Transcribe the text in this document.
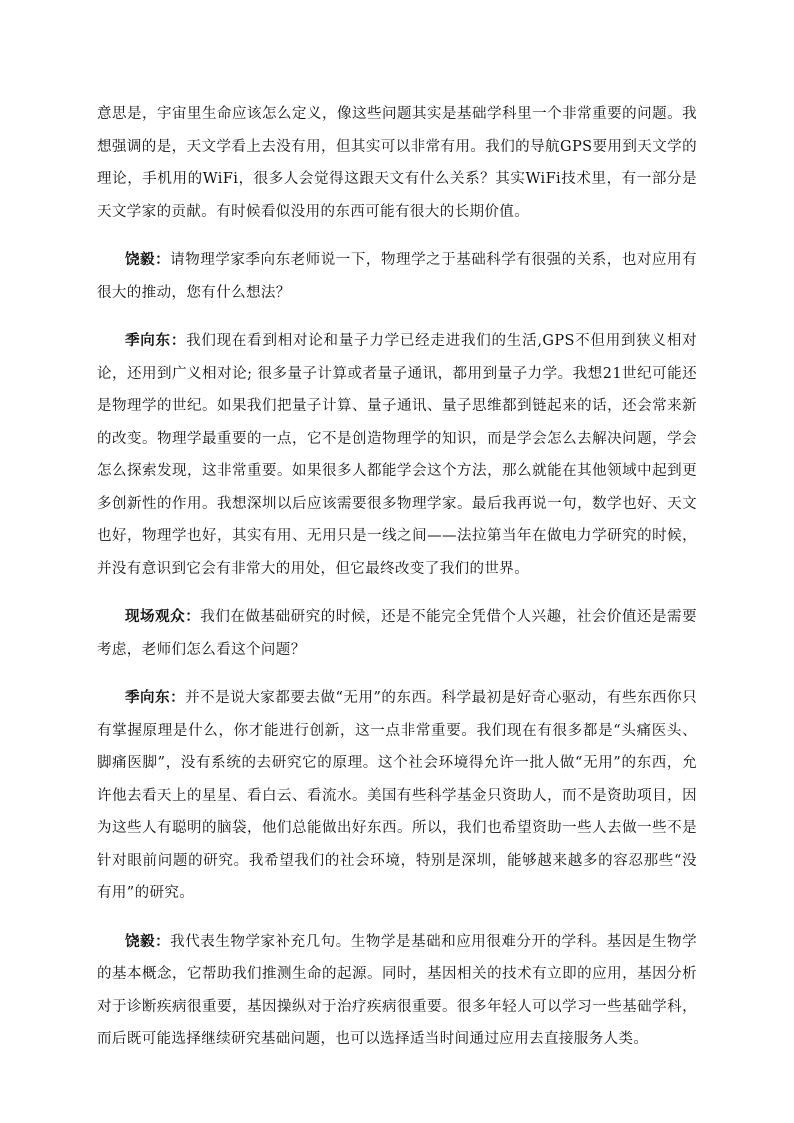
意思是，宇宙里生命应该怎么定义，像这些问题其实是基础学科里一个非常重要的问题。我想强调的是，天文学看上去没有用，但其实可以非常有用。我们的导航GPS要用到天文学的理论，手机用的WiFi，很多人会觉得这跟天文有什么关系？其实WiFi技术里，有一部分是天文学家的贡献。有时候看似没用的东西可能有很大的长期价值。

饶毅：请物理学家季向东老师说一下，物理学之于基础科学有很强的关系，也对应用有很大的推动，您有什么想法？

季向东：我们现在看到相对论和量子力学已经走进我们的生活,GPS不但用到狭义相对论，还用到广义相对论; 很多量子计算或者量子通讯，都用到量子力学。我想21世纪可能还是物理学的世纪。如果我们把量子计算、量子通讯、量子思维都到链起来的话，还会常来新的改变。物理学最重要的一点，它不是创造物理学的知识，而是学会怎么去解决问题，学会怎么探索发现，这非常重要。如果很多人都能学会这个方法，那么就能在其他领域中起到更多创新性的作用。我想深圳以后应该需要很多物理学家。最后我再说一句，数学也好、天文也好，物理学也好，其实有用、无用只是一线之间——法拉第当年在做电力学研究的时候，并没有意识到它会有非常大的用处，但它最终改变了我们的世界。

现场观众：我们在做基础研究的时候，还是不能完全凭借个人兴趣，社会价值还是需要考虑，老师们怎么看这个问题？

季向东：并不是说大家都要去做“无用”的东西。科学最初是好奇心驱动，有些东西你只有掌握原理是什么，你才能进行创新，这一点非常重要。我们现在有很多都是“头痛医头、脚痛医脚”，没有系统的去研究它的原理。这个社会环境得允许一批人做“无用”的东西，允许他去看天上的星星、看白云、看流水。美国有些科学基金只资助人，而不是资助项目，因为这些人有聪明的脑袋，他们总能做出好东西。所以，我们也希望资助一些人去做一些不是针对眼前问题的研究。我希望我们的社会环境，特别是深圳，能够越来越多的容忍那些“没有用”的研究。

饶毅：我代表生物学家补充几句。生物学是基础和应用很难分开的学科。基因是生物学的基本概念，它帮助我们推测生命的起源。同时，基因相关的技术有立即的应用，基因分析对于诊断疾病很重要，基因操纵对于治疗疾病很重要。很多年轻人可以学习一些基础学科，而后既可能选择继续研究基础问题，也可以选择适当时间通过应用去直接服务人类。
